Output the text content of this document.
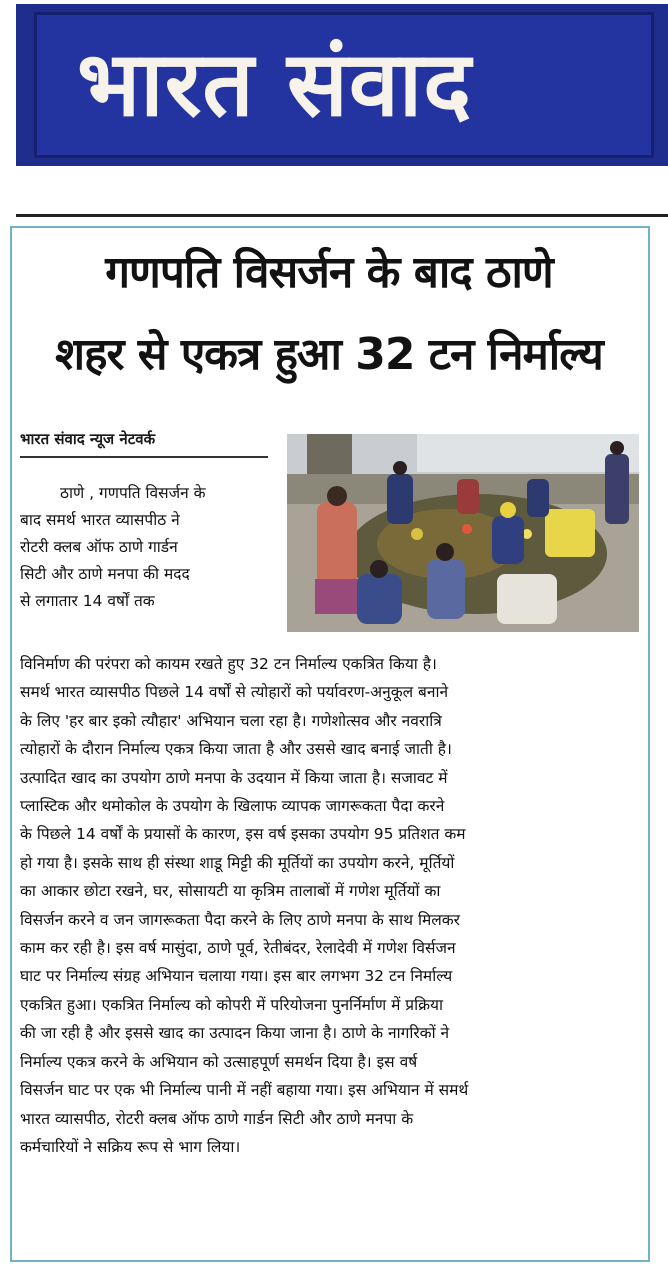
भारत संवाद
गणपति विसर्जन के बाद ठाणे
शहर से एकत्र हुआ 32 टन निर्माल्य
भारत संवाद न्यूज नेटवर्क
ठाणे , गणपति विसर्जन के
बाद समर्थ भारत व्यासपीठ ने
रोटरी क्लब ऑफ ठाणे गार्डन
सिटी और ठाणे मनपा की मदद
से लगातार 14 वर्षों तक
विनिर्माण की परंपरा को कायम रखते हुए 32 टन निर्माल्य एकत्रित किया है।
समर्थ भारत व्यासपीठ पिछले 14 वर्षों से त्योहारों को पर्यावरण-अनुकूल बनाने
के लिए 'हर बार इको त्यौहार' अभियान चला रहा है। गणेशोत्सव और नवरात्रि
त्योहारों के दौरान निर्माल्य एकत्र किया जाता है और उससे खाद बनाई जाती है।
उत्पादित खाद का उपयोग ठाणे मनपा के उदयान में किया जाता है। सजावट में
प्लास्टिक और थमोकोल के उपयोग के खिलाफ व्यापक जागरूकता पैदा करने
के पिछले 14 वर्षों के प्रयासों के कारण, इस वर्ष इसका उपयोग 95 प्रतिशत कम
हो गया है। इसके साथ ही संस्था शाडू मिट्टी की मूर्तियों का उपयोग करने, मूर्तियों
का आकार छोटा रखने, घर, सोसायटी या कृत्रिम तालाबों में गणेश मूर्तियों का
विसर्जन करने व जन जागरूकता पैदा करने के लिए ठाणे मनपा के साथ मिलकर
काम कर रही है। इस वर्ष मासुंदा, ठाणे पूर्व, रेतीबंदर, रेलादेवी में गणेश विर्सजन
घाट पर निर्माल्य संग्रह अभियान चलाया गया। इस बार लगभग 32 टन निर्माल्य
एकत्रित हुआ। एकत्रित निर्माल्य को कोपरी में परियोजना पुनर्निर्माण में प्रक्रिया
की जा रही है और इससे खाद का उत्पादन किया जाना है। ठाणे के नागरिकों ने
निर्माल्य एकत्र करने के अभियान को उत्साहपूर्ण समर्थन दिया है। इस वर्ष
विसर्जन घाट पर एक भी निर्माल्य पानी में नहीं बहाया गया। इस अभियान में समर्थ
भारत व्यासपीठ, रोटरी क्लब ऑफ ठाणे गार्डन सिटी और ठाणे मनपा के
कर्मचारियों ने सक्रिय रूप से भाग लिया।
